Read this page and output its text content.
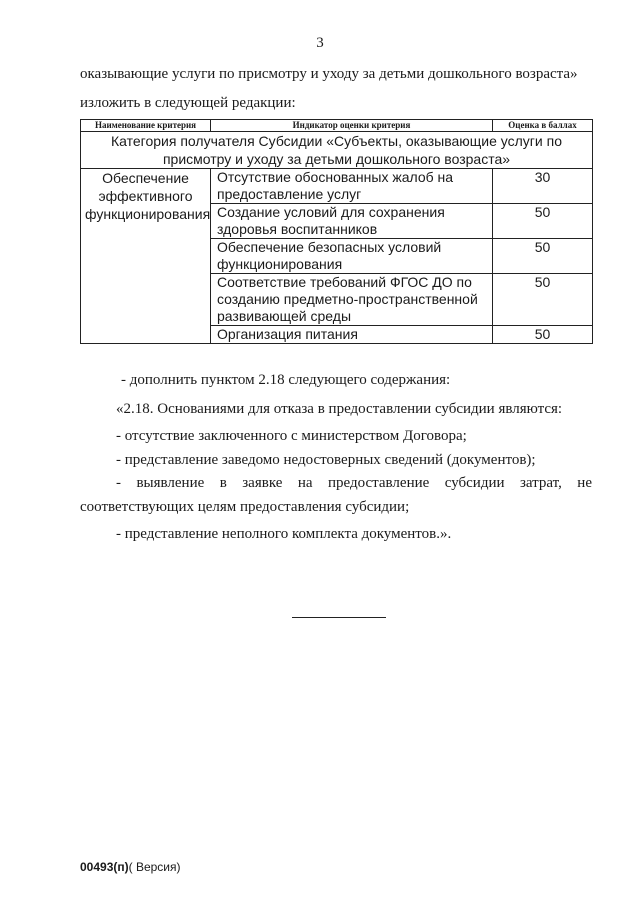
3
оказывающие услуги по присмотру и уходу за детьми дошкольного возраста»
изложить в следующей редакции:
Наименование критерия	Индикатор оценки критерия	Оценка в баллах
Категория получателя Субсидии «Субъекты, оказывающие услуги по присмотру и уходу за детьми дошкольного возраста»		
Обеспечение эффективного функционирования	Отсутствие обоснованных жалоб на предоставление услуг	30
	Создание условий для сохранения здоровья воспитанников	50
	Обеспечение безопасных условий функционирования	50
	Соответствие требований ФГОС ДО по созданию предметно-пространственной развивающей среды	50
	Организация питания	50
- дополнить пунктом 2.18 следующего содержания:
«2.18. Основаниями для отказа в предоставлении субсидии являются:
- отсутствие заключенного с министерством Договора;
- представление заведомо недостоверных сведений (документов);
- выявление в заявке на предоставление субсидии затрат, не
соответствующих целям предоставления субсидии;
- представление неполного комплекта документов.».
00493(п)( Версия)
